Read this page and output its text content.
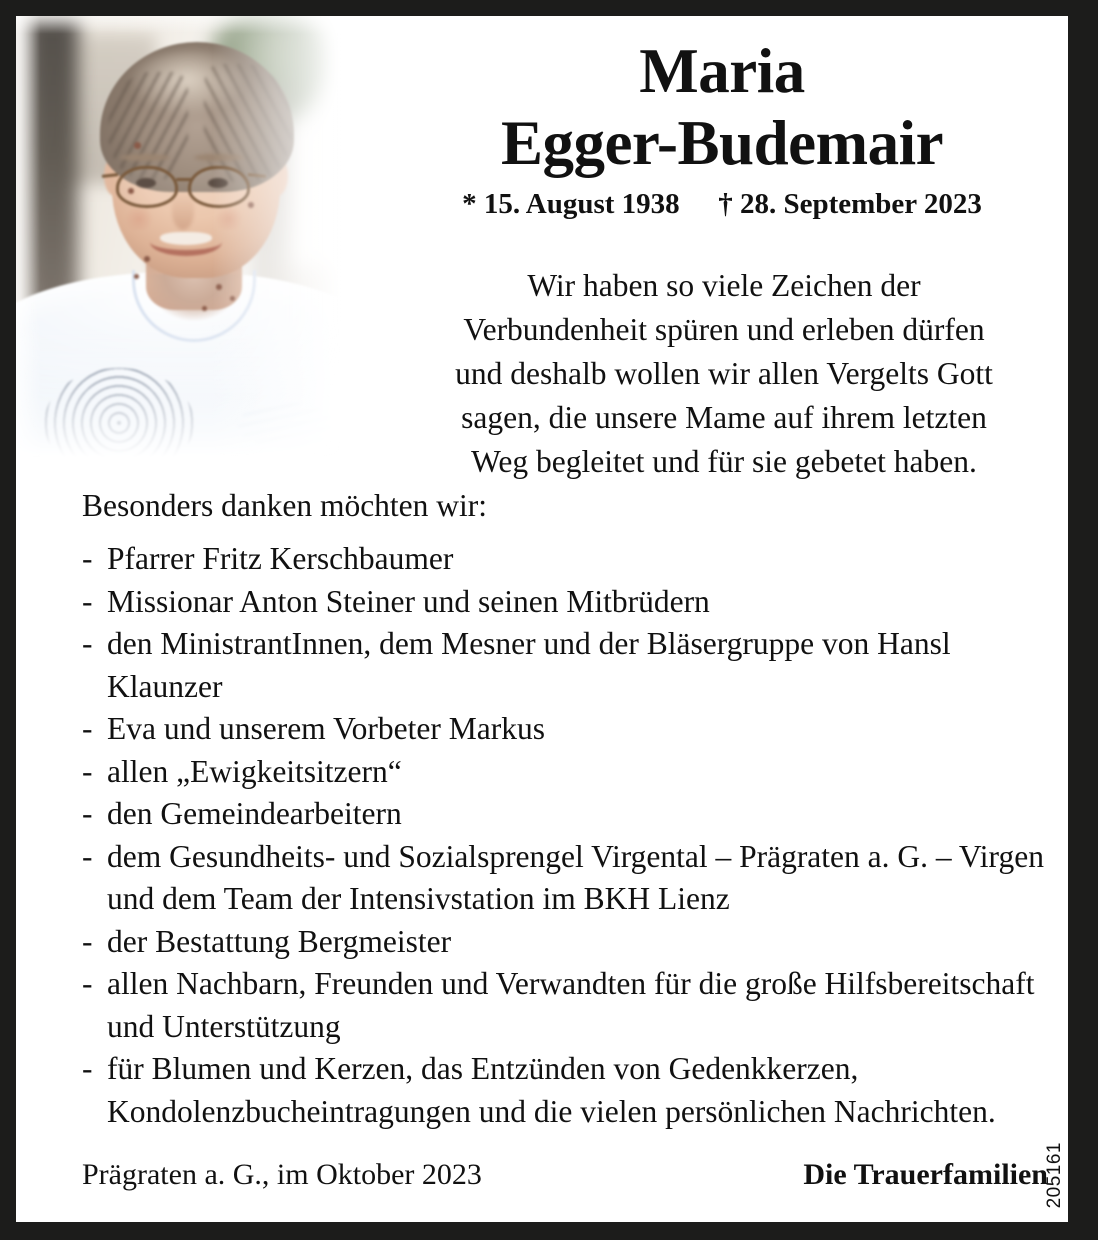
Maria
Egger-Budemair
* 15. August 1938 † 28. September 2023
Wir haben so viele Zeichen der
Verbundenheit spüren und erleben dürfen
und deshalb wollen wir allen Vergelts Gott
sagen, die unsere Mame auf ihrem letzten
Weg begleitet und für sie gebetet haben.
Besonders danken möchten wir:
- Pfarrer Fritz Kerschbaumer
- Missionar Anton Steiner und seinen Mitbrüdern
- den MinistrantInnen, dem Mesner und der Bläsergruppe von Hansl Klaunzer
- Eva und unserem Vorbeter Markus
- allen „Ewigkeitsitzern“
- den Gemeindearbeitern
- dem Gesundheits- und Sozialsprengel Virgental – Prägraten a. G. – Virgen und dem Team der Intensivstation im BKH Lienz
- der Bestattung Bergmeister
- allen Nachbarn, Freunden und Verwandten für die große Hilfsbereitschaft und Unterstützung
- für Blumen und Kerzen, das Entzünden von Gedenkkerzen, Kondolenzbucheintragungen und die vielen persönlichen Nachrichten.
Prägraten a. G., im Oktober 2023	Die Trauerfamilien
205161
